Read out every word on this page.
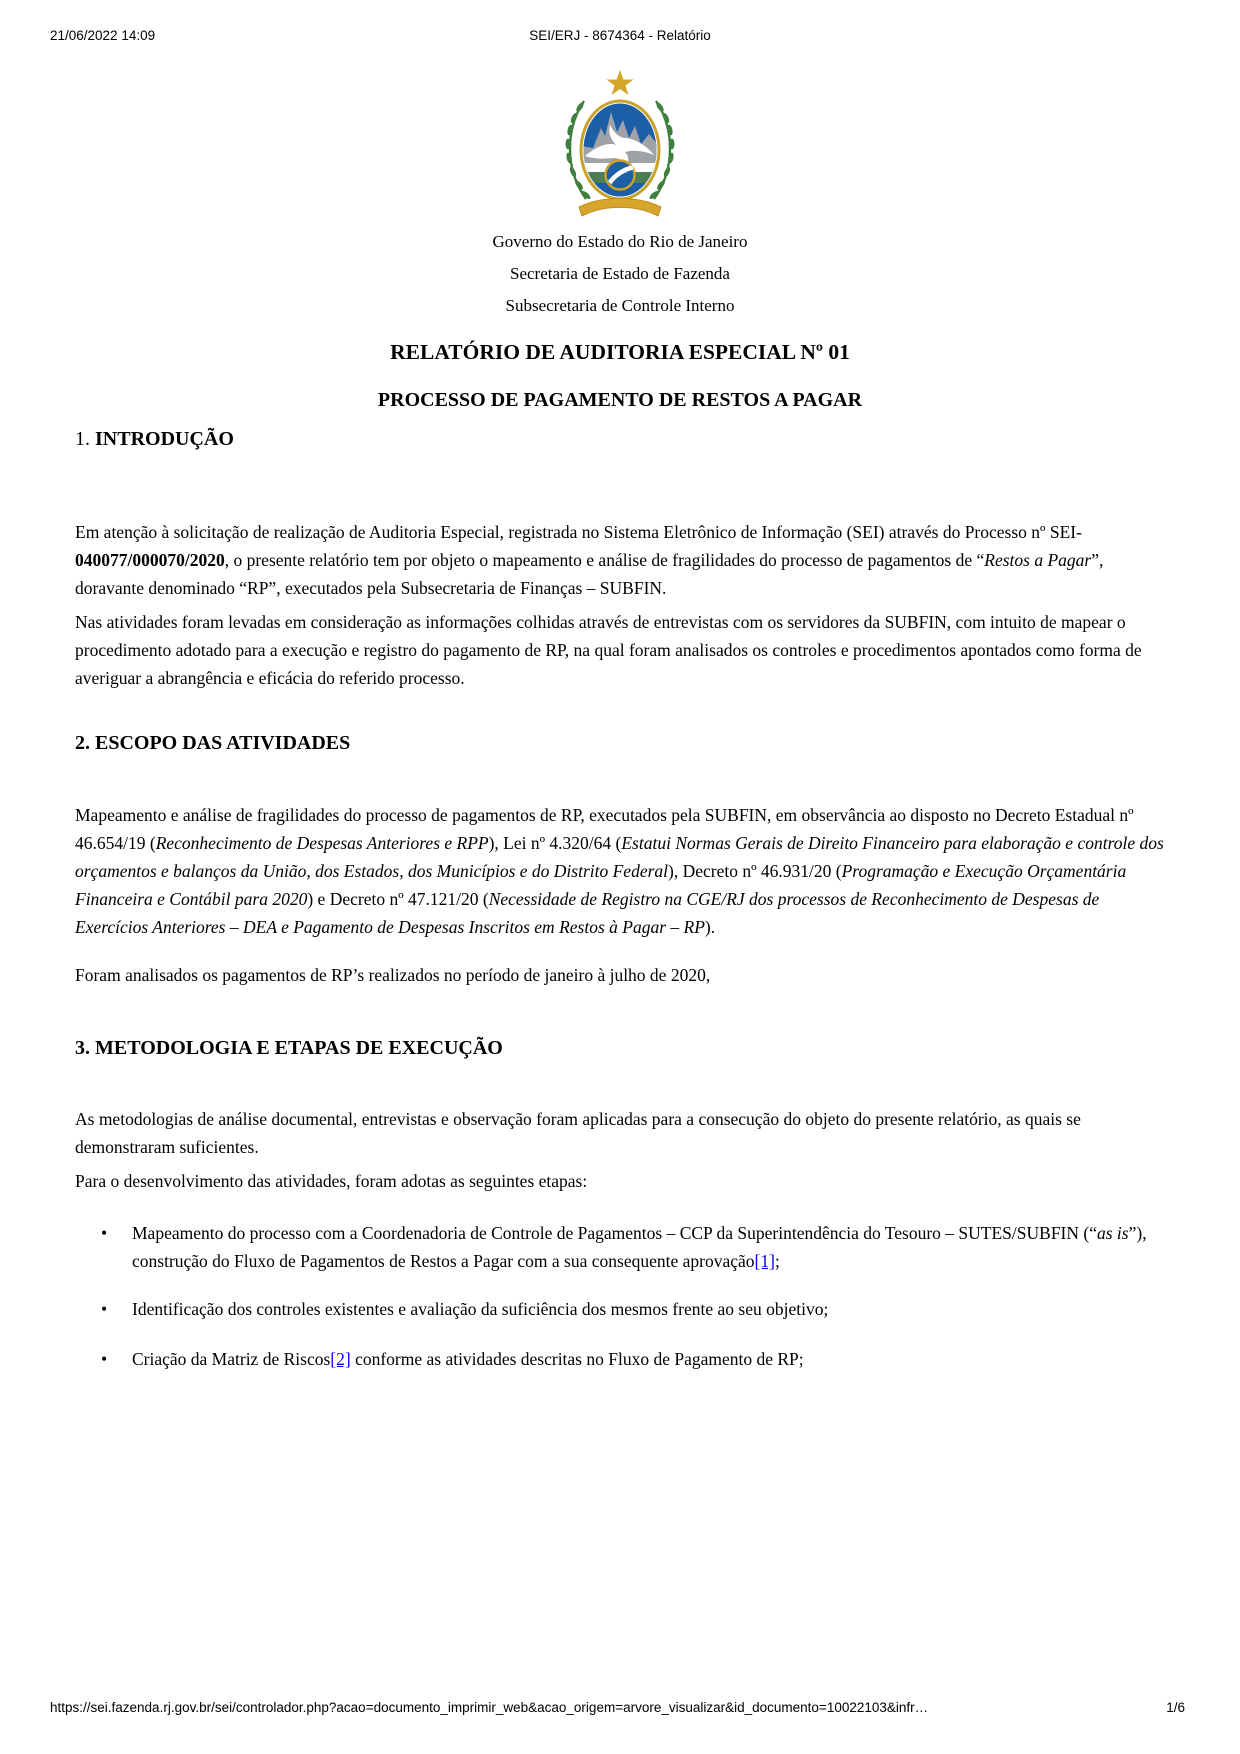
21/06/2022 14:09	SEI/ERJ - 8674364 - Relatório

Governo do Estado do Rio de Janeiro

Secretaria de Estado de Fazenda

Subsecretaria de Controle Interno

RELATÓRIO DE AUDITORIA ESPECIAL Nº 01
PROCESSO DE PAGAMENTO DE RESTOS A PAGAR
1. INTRODUÇÃO

Em atenção à solicitação de realização de Auditoria Especial, registrada no Sistema Eletrônico de Informação (SEI) através do Processo nº SEI-040077/000070/2020, o presente relatório tem por objeto o mapeamento e análise de fragilidades do processo de pagamentos de “Restos a Pagar”, doravante denominado “RP”, executados pela Subsecretaria de Finanças – SUBFIN.

Nas atividades foram levadas em consideração as informações colhidas através de entrevistas com os servidores da SUBFIN, com intuito de mapear o procedimento adotado para a execução e registro do pagamento de RP, na qual foram analisados os controles e procedimentos apontados como forma de averiguar a abrangência e eficácia do referido processo.

2. ESCOPO DAS ATIVIDADES

Mapeamento e análise de fragilidades do processo de pagamentos de RP, executados pela SUBFIN, em observância ao disposto no Decreto Estadual nº 46.654/19 (Reconhecimento de Despesas Anteriores e RPP), Lei nº 4.320/64 (Estatui Normas Gerais de Direito Financeiro para elaboração e controle dos orçamentos e balanços da União, dos Estados, dos Municípios e do Distrito Federal), Decreto nº 46.931/20 (Programação e Execução Orçamentária Financeira e Contábil para 2020) e Decreto nº 47.121/20 (Necessidade de Registro na CGE/RJ dos processos de Reconhecimento de Despesas de Exercícios Anteriores – DEA e Pagamento de Despesas Inscritos em Restos à Pagar – RP).

Foram analisados os pagamentos de RP’s realizados no período de janeiro à julho de 2020,

3. METODOLOGIA E ETAPAS DE EXECUÇÃO

As metodologias de análise documental, entrevistas e observação foram aplicadas para a consecução do objeto do presente relatório, as quais se demonstraram suficientes.

Para o desenvolvimento das atividades, foram adotas as seguintes etapas:

• Mapeamento do processo com a Coordenadoria de Controle de Pagamentos – CCP da Superintendência do Tesouro – SUTES/SUBFIN (“as is”), construção do Fluxo de Pagamentos de Restos a Pagar com a sua consequente aprovação[1];
• Identificação dos controles existentes e avaliação da suficiência dos mesmos frente ao seu objetivo;
• Criação da Matriz de Riscos[2] conforme as atividades descritas no Fluxo de Pagamento de RP;
https://sei.fazenda.rj.gov.br/sei/controlador.php?acao=documento_imprimir_web&acao_origem=arvore_visualizar&id_documento=10022103&infr…	1/6
